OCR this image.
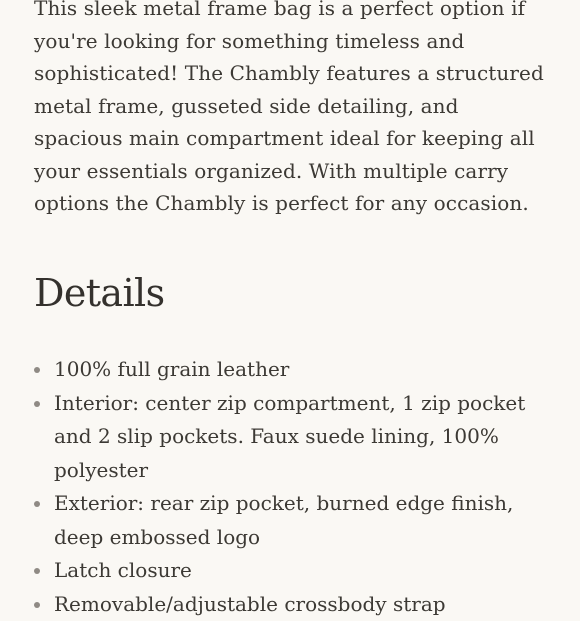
This sleek metal frame bag is a perfect option if you're looking for something timeless and sophisticated! The Chambly features a structured metal frame, gusseted side detailing, and spacious main compartment ideal for keeping all your essentials organized. With multiple carry options the Chambly is perfect for any occasion.

Details
100% full grain leather
Interior: center zip compartment, 1 zip pocket and 2 slip pockets. Faux suede lining, 100% polyester
Exterior: rear zip pocket, burned edge finish, deep embossed logo
Latch closure
Removable/adjustable crossbody strap
